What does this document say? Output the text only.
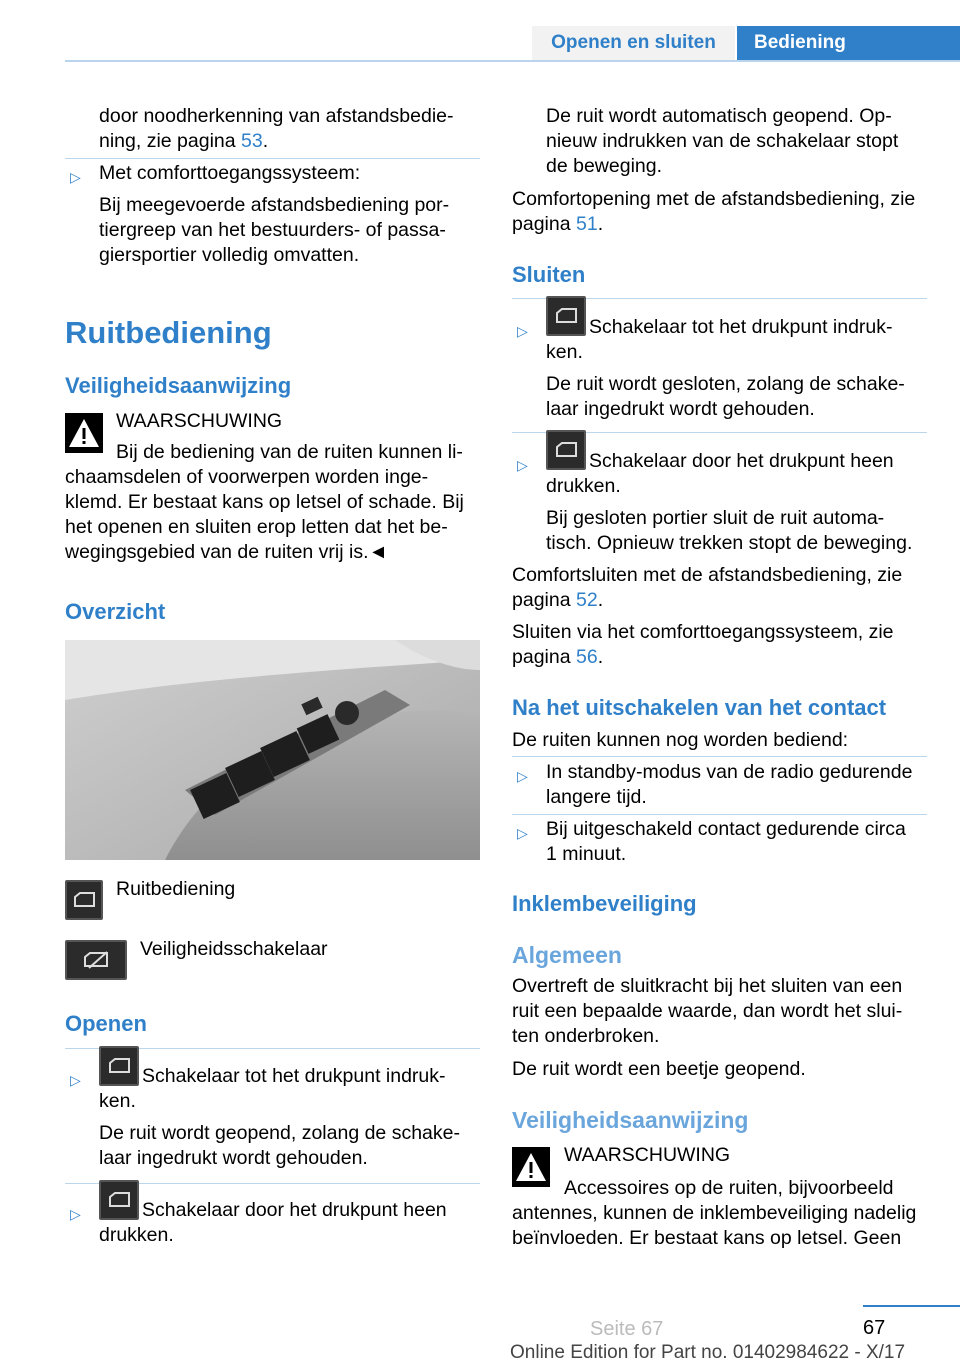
Openen en sluiten	Bediening
door noodherkenning van afstandsbedie-
ning, zie pagina 53.
▷ Met comforttoegangssysteem:
Bij meegevoerde afstandsbediening por-
tiergreep van het bestuurders- of passa-
giersportier volledig omvatten.
Ruitbediening
Veiligheidsaanwijzing
WAARSCHUWING
Bij de bediening van de ruiten kunnen li-
chaamsdelen of voorwerpen worden inge-
klemd. Er bestaat kans op letsel of schade. Bij
het openen en sluiten erop letten dat het be-
wegingsgebied van de ruiten vrij is.◄
Overzicht
Ruitbediening
Veiligheidsschakelaar
Openen
▷	Schakelaar tot het drukpunt indruk-
ken.
De ruit wordt geopend, zolang de schake-
laar ingedrukt wordt gehouden.
▷	Schakelaar door het drukpunt heen
drukken.
De ruit wordt automatisch geopend. Op-
nieuw indrukken van de schakelaar stopt
de beweging.
Comfortopening met de afstandsbediening, zie
pagina 51.
Sluiten
▷	Schakelaar tot het drukpunt indruk-
ken.
De ruit wordt gesloten, zolang de schake-
laar ingedrukt wordt gehouden.
▷	Schakelaar door het drukpunt heen
drukken.
Bij gesloten portier sluit de ruit automa-
tisch. Opnieuw trekken stopt de beweging.
Comfortsluiten met de afstandsbediening, zie
pagina 52.
Sluiten via het comforttoegangssysteem, zie
pagina 56.
Na het uitschakelen van het contact
De ruiten kunnen nog worden bediend:
▷ In standby-modus van de radio gedurende
langere tijd.
▷ Bij uitgeschakeld contact gedurende circa
1 minuut.
Inklembeveiliging
Algemeen
Overtreft de sluitkracht bij het sluiten van een
ruit een bepaalde waarde, dan wordt het slui-
ten onderbroken.
De ruit wordt een beetje geopend.
Veiligheidsaanwijzing
WAARSCHUWING
Accessoires op de ruiten, bijvoorbeeld
antennes, kunnen de inklembeveiliging nadelig
beïnvloeden. Er bestaat kans op letsel. Geen
67
Seite 67
Online Edition for Part no. 01402984622 - X/17
